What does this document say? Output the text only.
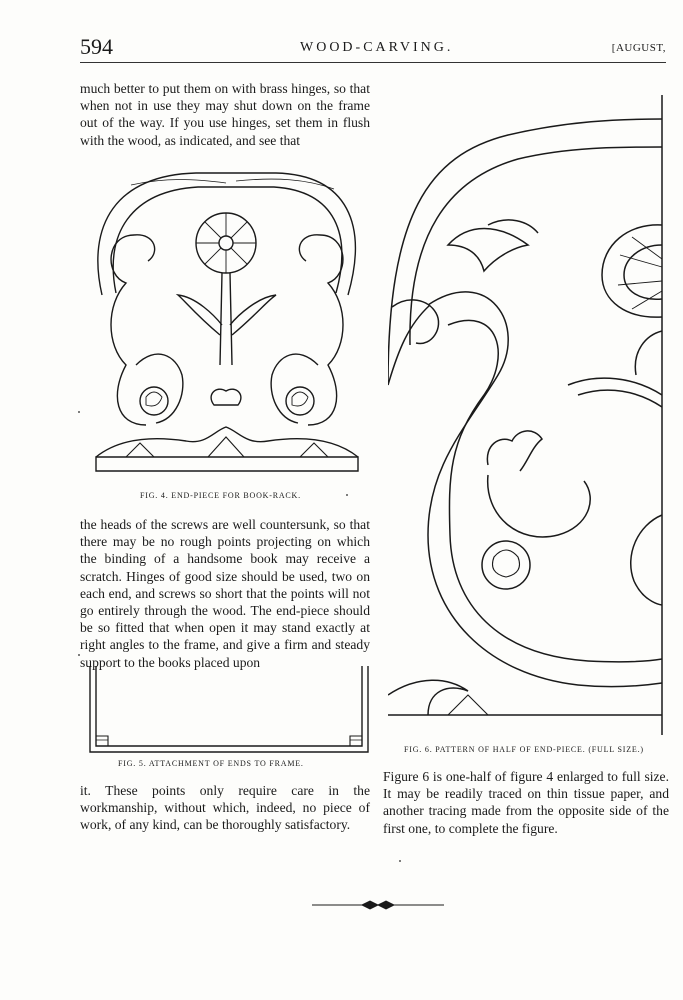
594	WOOD-CARVING.	[AUGUST,
much better to put them on with brass hinges, so that when not in use they may shut down on the frame out of the way. If you use hinges, set them in flush with the wood, as indicated, and see that
FIG. 4. END-PIECE FOR BOOK-RACK.
the heads of the screws are well countersunk, so that there may be no rough points projecting on which the binding of a handsome book may receive a scratch. Hinges of good size should be used, two on each end, and screws so short that the points will not go entirely through the wood. The end-piece should be so fitted that when open it may stand exactly at right angles to the frame, and give a firm and steady support to the books placed upon
FIG. 5. ATTACHMENT OF ENDS TO FRAME.
it. These points only require care in the workmanship, without which, indeed, no piece of work, of any kind, can be thoroughly satisfactory.
FIG. 6. PATTERN OF HALF OF END-PIECE. (FULL SIZE.)
Figure 6 is one-half of figure 4 enlarged to full size. It may be readily traced on thin tissue paper, and another tracing made from the opposite side of the first one, to complete the figure.
